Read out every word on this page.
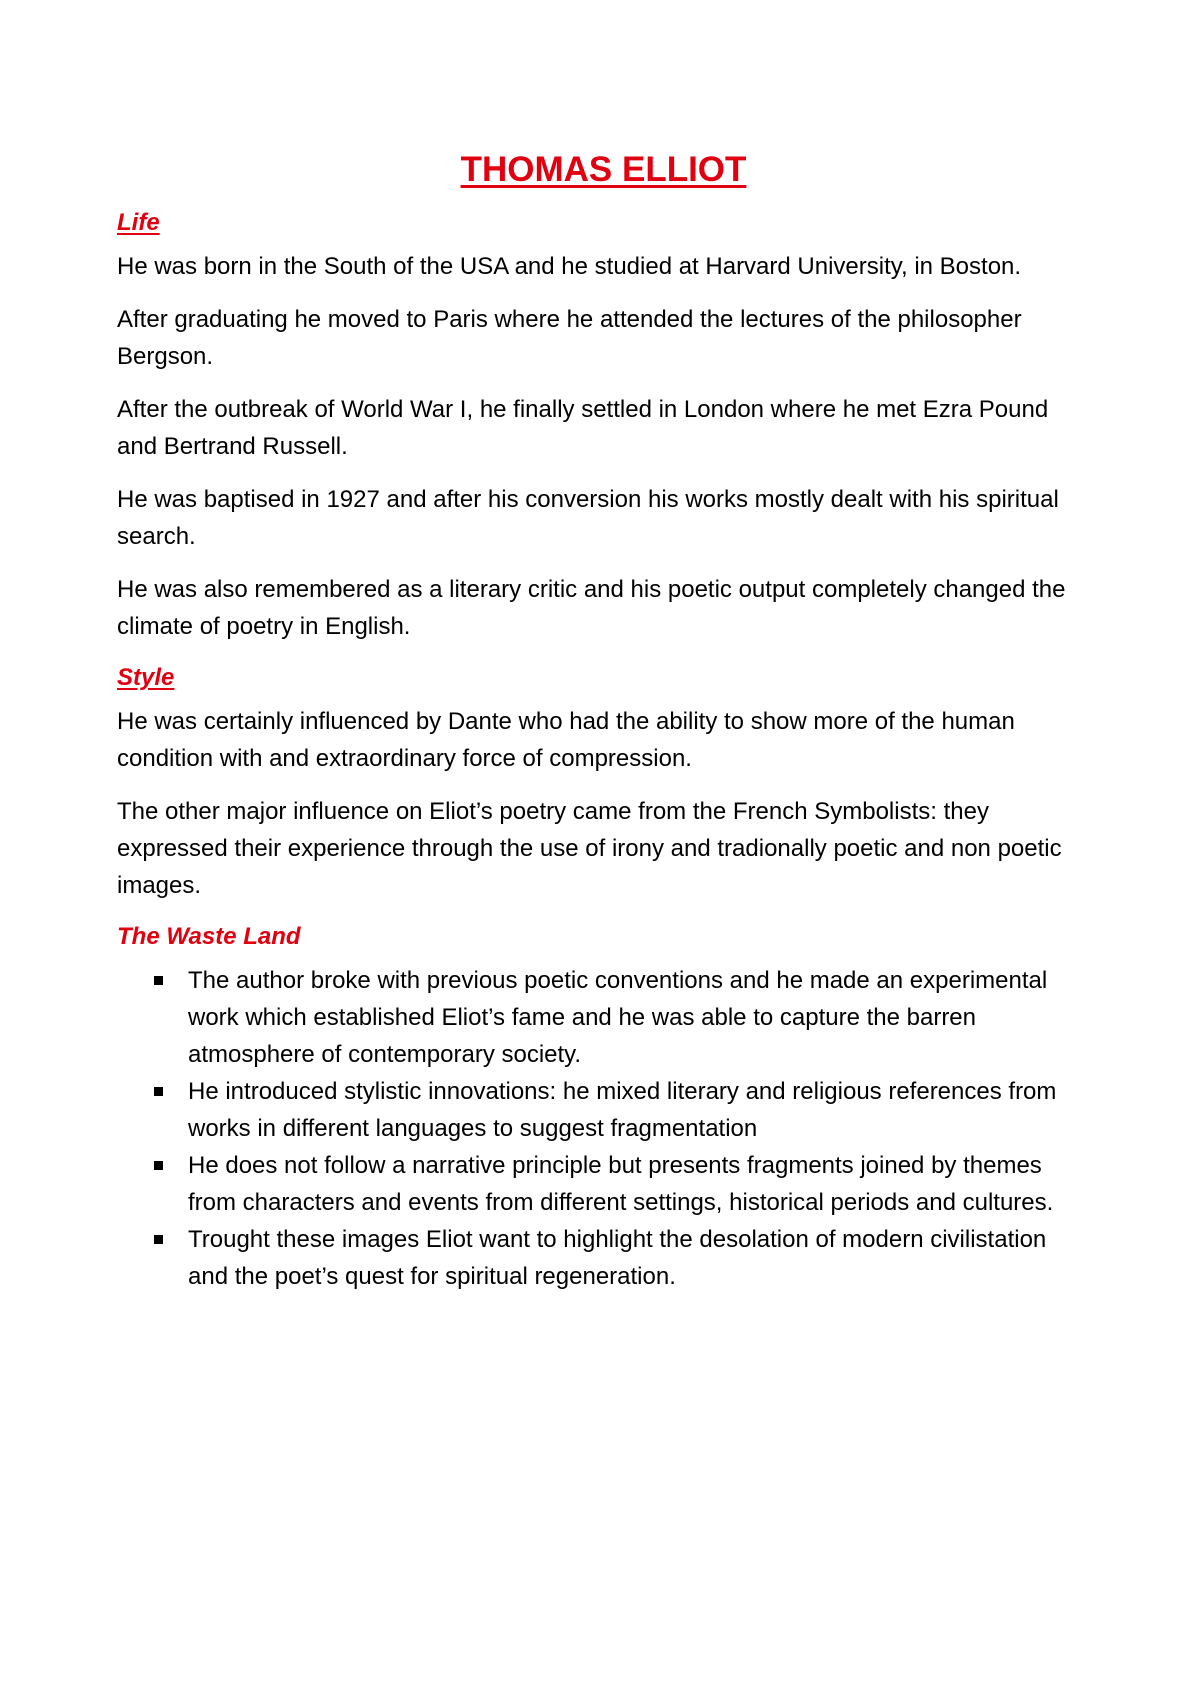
THOMAS ELLIOT
Life

He was born in the South of the USA and he studied at Harvard University, in Boston.

After graduating he moved to Paris where he attended the lectures of the philosopher Bergson.

After the outbreak of World War I, he finally settled in London where he met Ezra Pound and Bertrand Russell.

He was baptised in 1927 and after his conversion his works mostly dealt with his spiritual search.

He was also remembered as a literary critic and his poetic output completely changed the climate of poetry in English.

Style

He was certainly influenced by Dante who had the ability to show more of the human condition with and extraordinary force of compression.

The other major influence on Eliot’s poetry came from the French Symbolists: they expressed their experience through the use of irony and tradionally poetic and non poetic images.

The Waste Land
The author broke with previous poetic conventions and he made an experimental work which established Eliot’s fame and he was able to capture the barren atmosphere of contemporary society.
He introduced stylistic innovations: he mixed literary and religious references from works in different languages to suggest fragmentation
He does not follow a narrative principle but presents fragments joined by themes from characters and events from different settings, historical periods and cultures.
Trought these images Eliot want to highlight the desolation of modern civilistation and the poet’s quest for spiritual regeneration.
